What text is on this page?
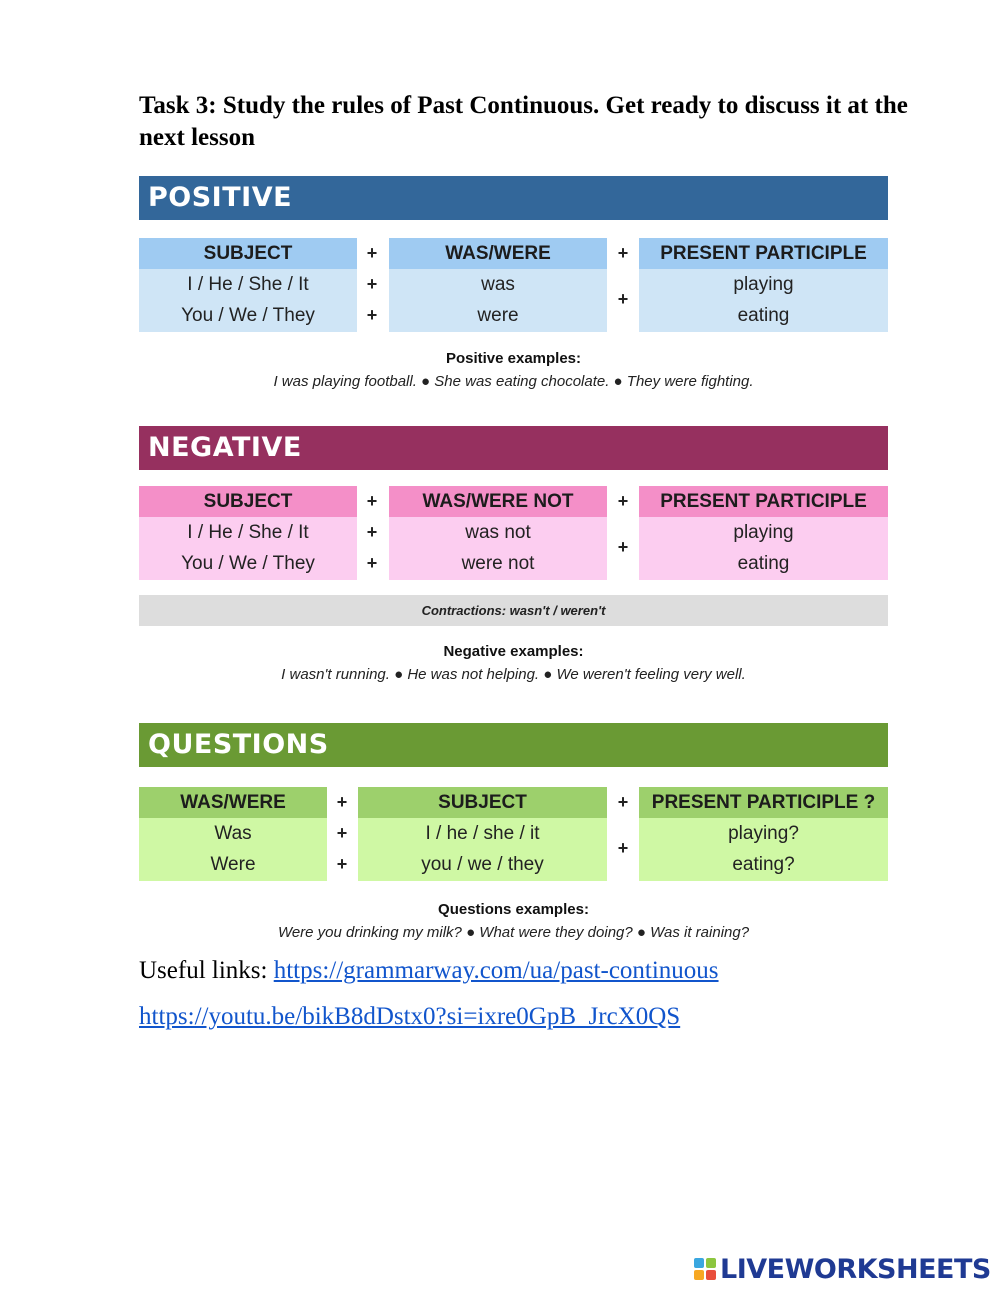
Task 3: Study the rules of Past Continuous. Get ready to discuss it at the next lesson
POSITIVE
SUBJECT
I / He / She / It
You / We / They
+
+
+
WAS/WERE
was
were
+
+
PRESENT PARTICIPLE
playing
eating
Positive examples:
I was playing football. ● She was eating chocolate. ● They were fighting.
NEGATIVE
SUBJECT
I / He / She / It
You / We / They
+
+
+
WAS/WERE NOT
was not
were not
+
+
PRESENT PARTICIPLE
playing
eating
Contractions: wasn't / weren't
Negative examples:
I wasn't running. ● He was not helping. ● We weren't feeling very well.
QUESTIONS
WAS/WERE
Was
Were
+
+
+
SUBJECT
I / he / she / it
you / we / they
+
+
PRESENT PARTICIPLE ?
playing?
eating?
Questions examples:
Were you drinking my milk? ● What were they doing? ● Was it raining?
Useful links: https://grammarway.com/ua/past-continuous
https://youtu.be/bikB8dDstx0?si=ixre0GpB_JrcX0QS
LIVEWORKSHEETS
